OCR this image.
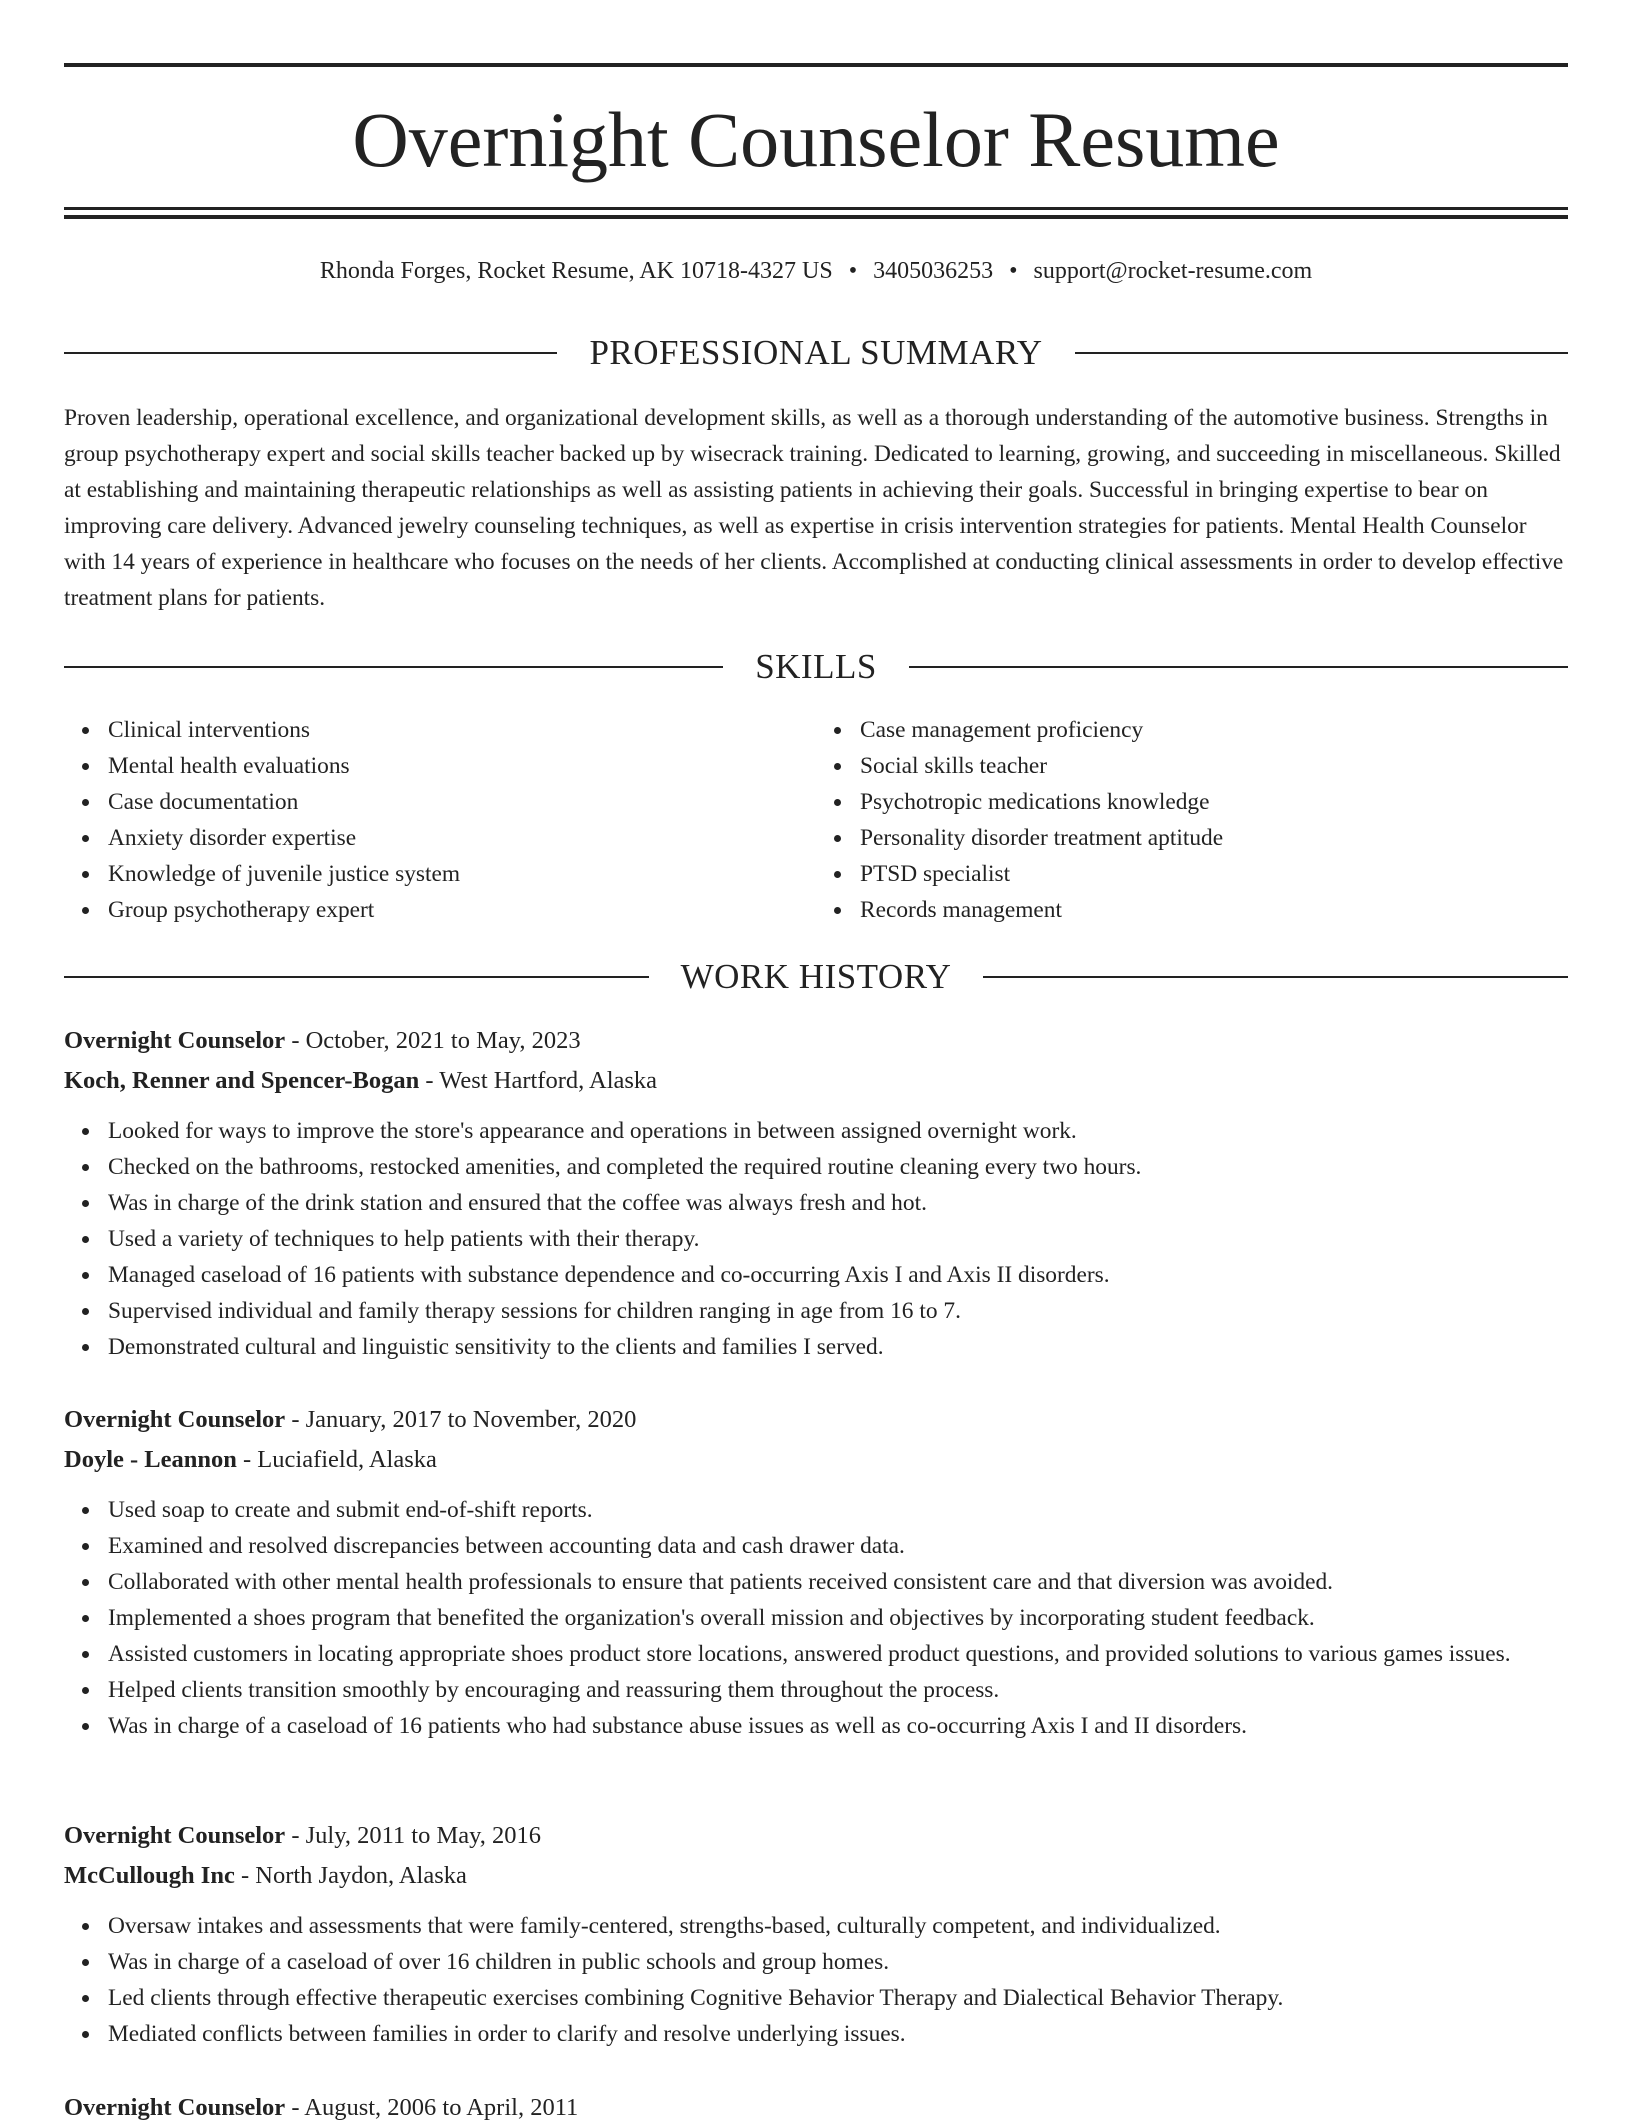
Overnight Counselor Resume
Rhonda Forges, Rocket Resume, AK 10718-4327 US • 3405036253 • support@rocket-resume.com
PROFESSIONAL SUMMARY

Proven leadership, operational excellence, and organizational development skills, as well as a thorough understanding of the automotive business. Strengths in group psychotherapy expert and social skills teacher backed up by wisecrack training. Dedicated to learning, growing, and succeeding in miscellaneous. Skilled at establishing and maintaining therapeutic relationships as well as assisting patients in achieving their goals. Successful in bringing expertise to bear on improving care delivery. Advanced jewelry counseling techniques, as well as expertise in crisis intervention strategies for patients. Mental Health Counselor with 14 years of experience in healthcare who focuses on the needs of her clients. Accomplished at conducting clinical assessments in order to develop effective treatment plans for patients.

SKILLS
Clinical interventions
Mental health evaluations
Case documentation
Anxiety disorder expertise
Knowledge of juvenile justice system
Group psychotherapy expert
Case management proficiency
Social skills teacher
Psychotropic medications knowledge
Personality disorder treatment aptitude
PTSD specialist
Records management
WORK HISTORY
Overnight Counselor - October, 2021 to May, 2023
Koch, Renner and Spencer-Bogan - West Hartford, Alaska
Looked for ways to improve the store's appearance and operations in between assigned overnight work.
Checked on the bathrooms, restocked amenities, and completed the required routine cleaning every two hours.
Was in charge of the drink station and ensured that the coffee was always fresh and hot.
Used a variety of techniques to help patients with their therapy.
Managed caseload of 16 patients with substance dependence and co-occurring Axis I and Axis II disorders.
Supervised individual and family therapy sessions for children ranging in age from 16 to 7.
Demonstrated cultural and linguistic sensitivity to the clients and families I served.
Overnight Counselor - January, 2017 to November, 2020
Doyle - Leannon - Luciafield, Alaska
Used soap to create and submit end-of-shift reports.
Examined and resolved discrepancies between accounting data and cash drawer data.
Collaborated with other mental health professionals to ensure that patients received consistent care and that diversion was avoided.
Implemented a shoes program that benefited the organization's overall mission and objectives by incorporating student feedback.
Assisted customers in locating appropriate shoes product store locations, answered product questions, and provided solutions to various games issues.
Helped clients transition smoothly by encouraging and reassuring them throughout the process.
Was in charge of a caseload of 16 patients who had substance abuse issues as well as co-occurring Axis I and II disorders.
Overnight Counselor - July, 2011 to May, 2016
McCullough Inc - North Jaydon, Alaska
Oversaw intakes and assessments that were family-centered, strengths-based, culturally competent, and individualized.
Was in charge of a caseload of over 16 children in public schools and group homes.
Led clients through effective therapeutic exercises combining Cognitive Behavior Therapy and Dialectical Behavior Therapy.
Mediated conflicts between families in order to clarify and resolve underlying issues.
Overnight Counselor - August, 2006 to April, 2011
